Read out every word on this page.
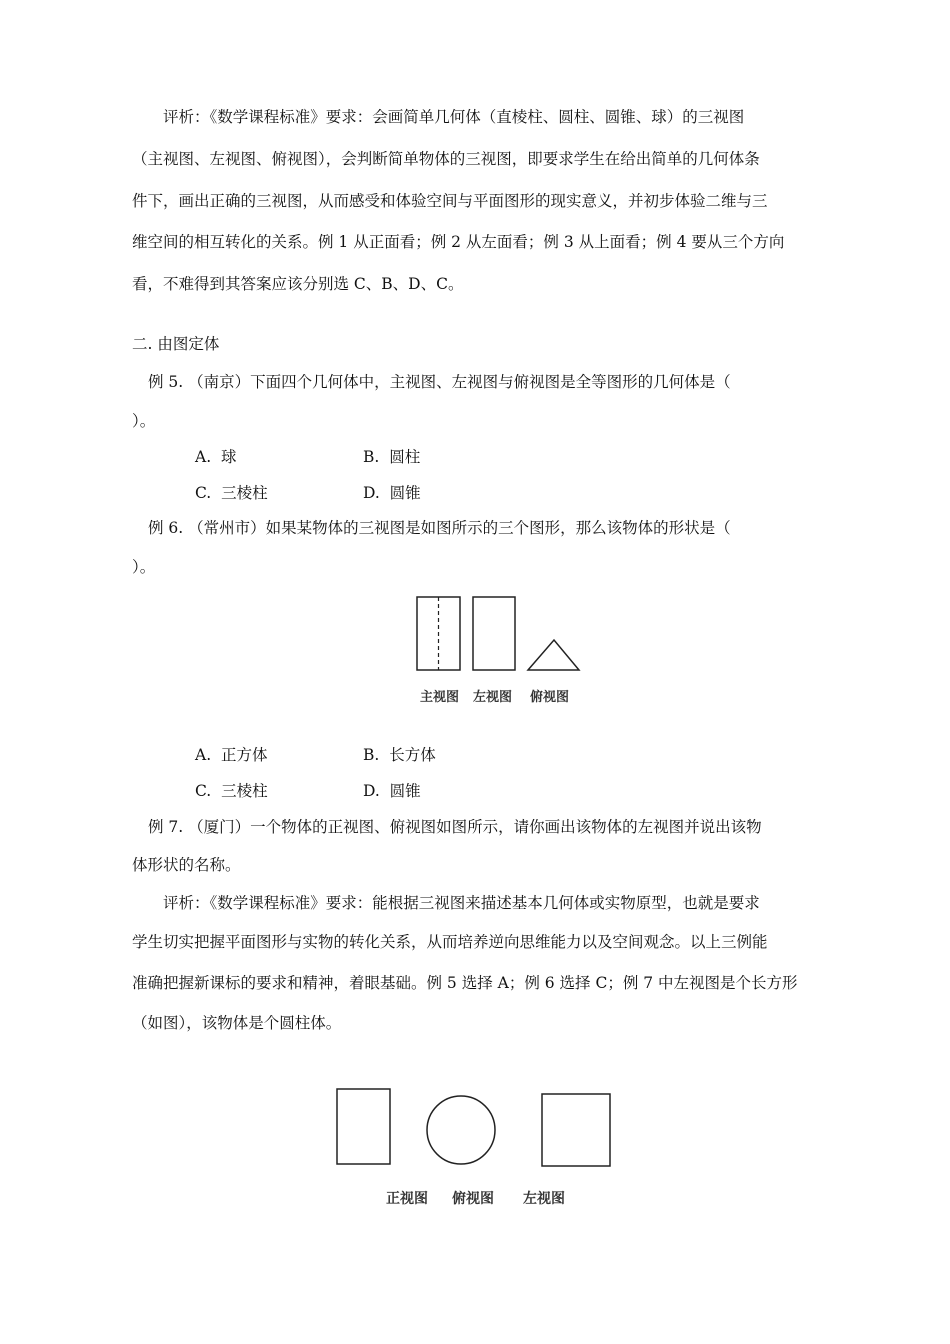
评析：《数学课程标准》要求：会画简单几何体（直棱柱、圆柱、圆锥、球）的三视图
（主视图、左视图、俯视图），会判断简单物体的三视图，即要求学生在给出简单的几何体条
件下，画出正确的三视图，从而感受和体验空间与平面图形的现实意义，并初步体验二维与三
维空间的相互转化的关系。例 1 从正面看；例 2 从左面看；例 3 从上面看；例 4 要从三个方向
看，不难得到其答案应该分别选 C、B、D、C。
二. 由图定体
例 5. （南京）下面四个几何体中，主视图、左视图与俯视图是全等图形的几何体是（
）。
A. 球	B. 圆柱
C. 三棱柱	D. 圆锥
例 6. （常州市）如果某物体的三视图是如图所示的三个图形，那么该物体的形状是（
）。
主视图 左视图 俯视图
A. 正方体	B. 长方体
C. 三棱柱	D. 圆锥
例 7. （厦门）一个物体的正视图、俯视图如图所示，请你画出该物体的左视图并说出该物
体形状的名称。
评析：《数学课程标准》要求：能根据三视图来描述基本几何体或实物原型，也就是要求
学生切实把握平面图形与实物的转化关系，从而培养逆向思维能力以及空间观念。以上三例能
准确把握新课标的要求和精神，着眼基础。例 5 选择 A；例 6 选择 C；例 7 中左视图是个长方形
（如图），该物体是个圆柱体。
正视图 俯视图 左视图
